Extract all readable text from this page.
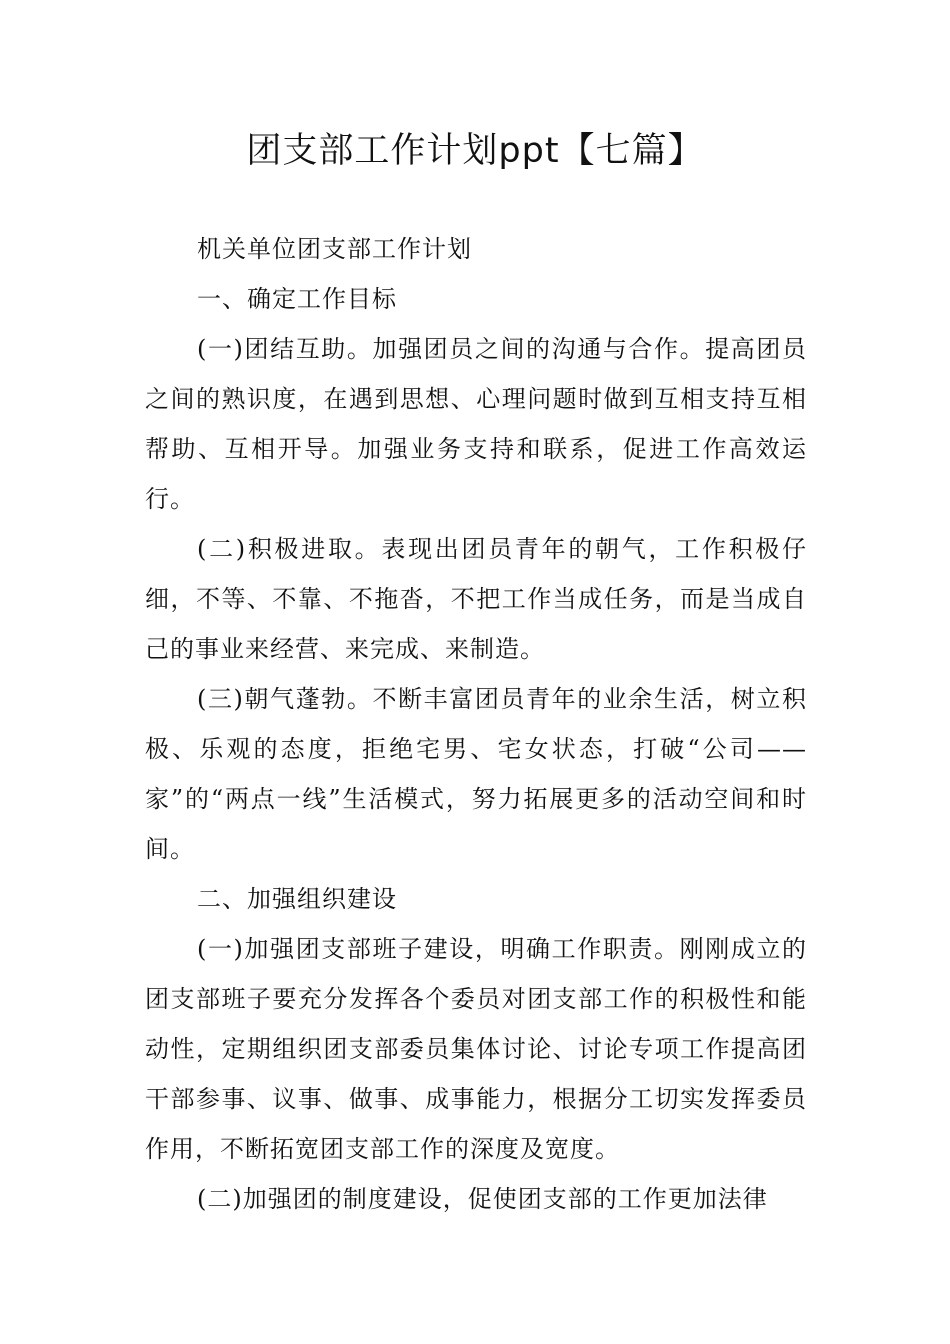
团支部工作计划ppt【七篇】

机关单位团支部工作计划

一、确定工作目标

(一)团结互助。加强团员之间的沟通与合作。提高团员之间的熟识度，在遇到思想、心理问题时做到互相支持互相帮助、互相开导。加强业务支持和联系，促进工作高效运行。

(二)积极进取。表现出团员青年的朝气，工作积极仔细，不等、不靠、不拖沓，不把工作当成任务，而是当成自己的事业来经营、来完成、来制造。

(三)朝气蓬勃。不断丰富团员青年的业余生活，树立积极、乐观的态度，拒绝宅男、宅女状态，打破“公司——家”的“两点一线”生活模式，努力拓展更多的活动空间和时间。

二、加强组织建设

(一)加强团支部班子建设，明确工作职责。刚刚成立的团支部班子要充分发挥各个委员对团支部工作的积极性和能动性，定期组织团支部委员集体讨论、讨论专项工作提高团干部参事、议事、做事、成事能力，根据分工切实发挥委员作用，不断拓宽团支部工作的深度及宽度。

(二)加强团的制度建设，促使团支部的工作更加法律
